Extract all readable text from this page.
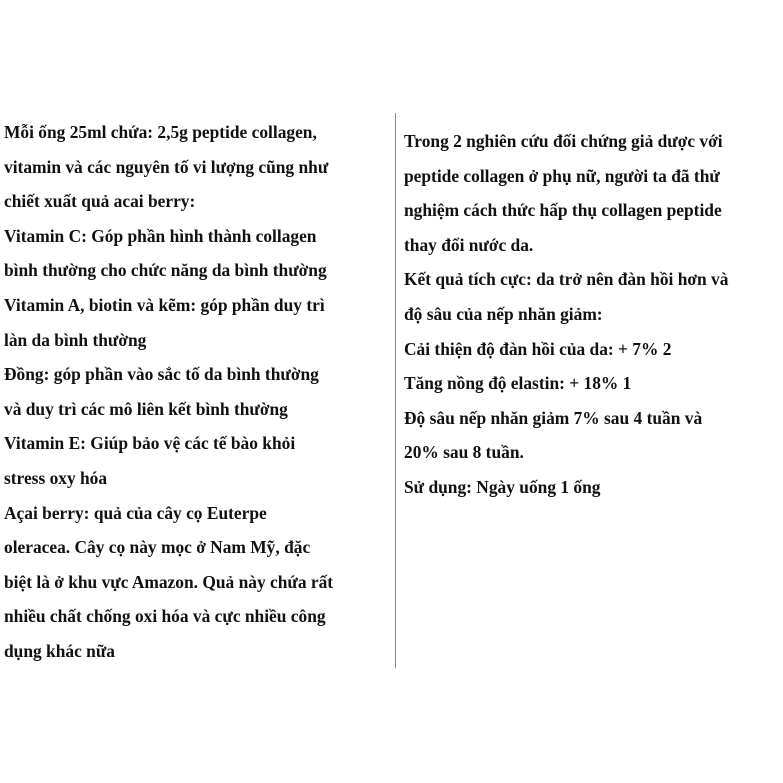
Mỗi ống 25ml chứa: 2,5g peptide collagen,
vitamin và các nguyên tố vi lượng cũng như
chiết xuất quả acai berry:
Vitamin C: Góp phần hình thành collagen
bình thường cho chức năng da bình thường
Vitamin A, biotin và kẽm: góp phần duy trì
làn da bình thường
Đồng: góp phần vào sắc tố da bình thường
và duy trì các mô liên kết bình thường
Vitamin E: Giúp bảo vệ các tế bào khỏi
stress oxy hóa
Açai berry: quả của cây cọ Euterpe
oleracea. Cây cọ này mọc ở Nam Mỹ, đặc
biệt là ở khu vực Amazon. Quả này chứa rất
nhiều chất chống oxi hóa và cực nhiều công
dụng khác nữa
Trong 2 nghiên cứu đối chứng giả dược với
peptide collagen ở phụ nữ, người ta đã thử
nghiệm cách thức hấp thụ collagen peptide
thay đổi nước da.
Kết quả tích cực: da trở nên đàn hồi hơn và
độ sâu của nếp nhăn giảm:
Cải thiện độ đàn hồi của da: + 7% 2
Tăng nồng độ elastin: + 18% 1
Độ sâu nếp nhăn giảm 7% sau 4 tuần và
20% sau 8 tuần.
Sử dụng: Ngày uống 1 ống
